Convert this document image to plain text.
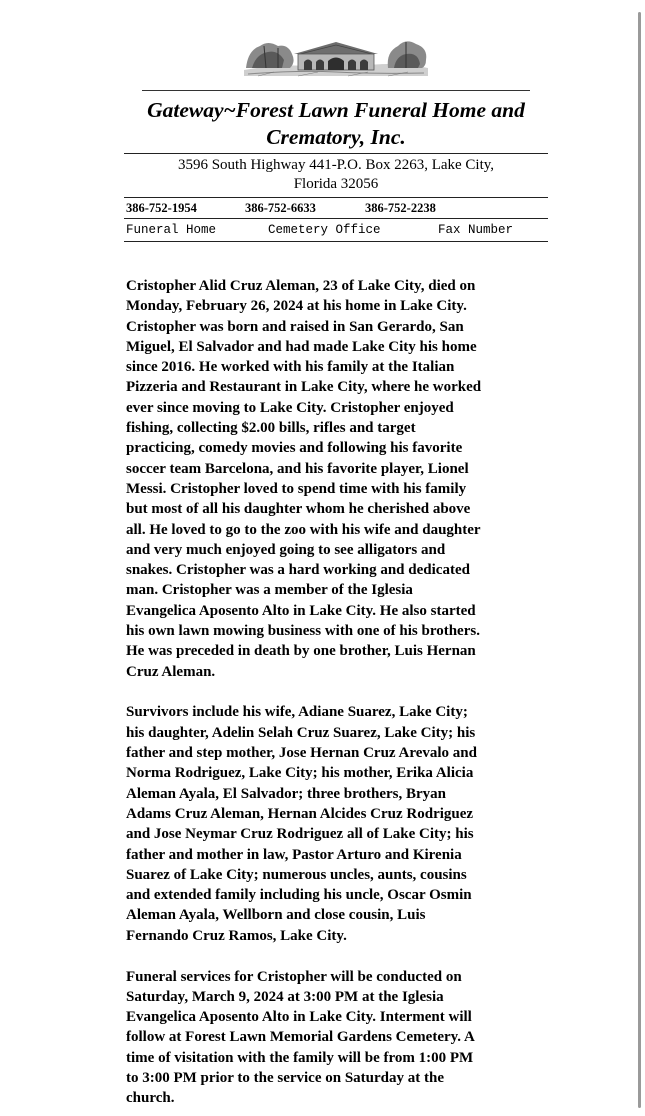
Gateway~Forest Lawn Funeral Home and
Crematory, Inc.
3596 South Highway 441-P.O. Box 2263, Lake City,
Florida 32056
386-752-1954	386-752-6633	386-752-2238
Funeral Home	Cemetery Office	Fax Number
Cristopher Alid Cruz Aleman, 23 of Lake City, died on
Monday, February 26, 2024 at his home in Lake City.
Cristopher was born and raised in San Gerardo, San
Miguel, El Salvador and had made Lake City his home
since 2016. He worked with his family at the Italian
Pizzeria and Restaurant in Lake City, where he worked
ever since moving to Lake City. Cristopher enjoyed
fishing, collecting $2.00 bills, rifles and target
practicing, comedy movies and following his favorite
soccer team Barcelona, and his favorite player, Lionel
Messi. Cristopher loved to spend time with his family
but most of all his daughter whom he cherished above
all. He loved to go to the zoo with his wife and daughter
and very much enjoyed going to see alligators and
snakes. Cristopher was a hard working and dedicated
man. Cristopher was a member of the Iglesia
Evangelica Aposento Alto in Lake City. He also started
his own lawn mowing business with one of his brothers.
He was preceded in death by one brother, Luis Hernan
Cruz Aleman.
Survivors include his wife, Adiane Suarez, Lake City;
his daughter, Adelin Selah Cruz Suarez, Lake City; his
father and step mother, Jose Hernan Cruz Arevalo and
Norma Rodriguez, Lake City; his mother, Erika Alicia
Aleman Ayala, El Salvador; three brothers, Bryan
Adams Cruz Aleman, Hernan Alcides Cruz Rodriguez
and Jose Neymar Cruz Rodriguez all of Lake City; his
father and mother in law, Pastor Arturo and Kirenia
Suarez of Lake City; numerous uncles, aunts, cousins
and extended family including his uncle, Oscar Osmin
Aleman Ayala, Wellborn and close cousin, Luis
Fernando Cruz Ramos, Lake City.
Funeral services for Cristopher will be conducted on
Saturday, March 9, 2024 at 3:00 PM at the Iglesia
Evangelica Aposento Alto in Lake City. Interment will
follow at Forest Lawn Memorial Gardens Cemetery. A
time of visitation with the family will be from 1:00 PM
to 3:00 PM prior to the service on Saturday at the
church.
